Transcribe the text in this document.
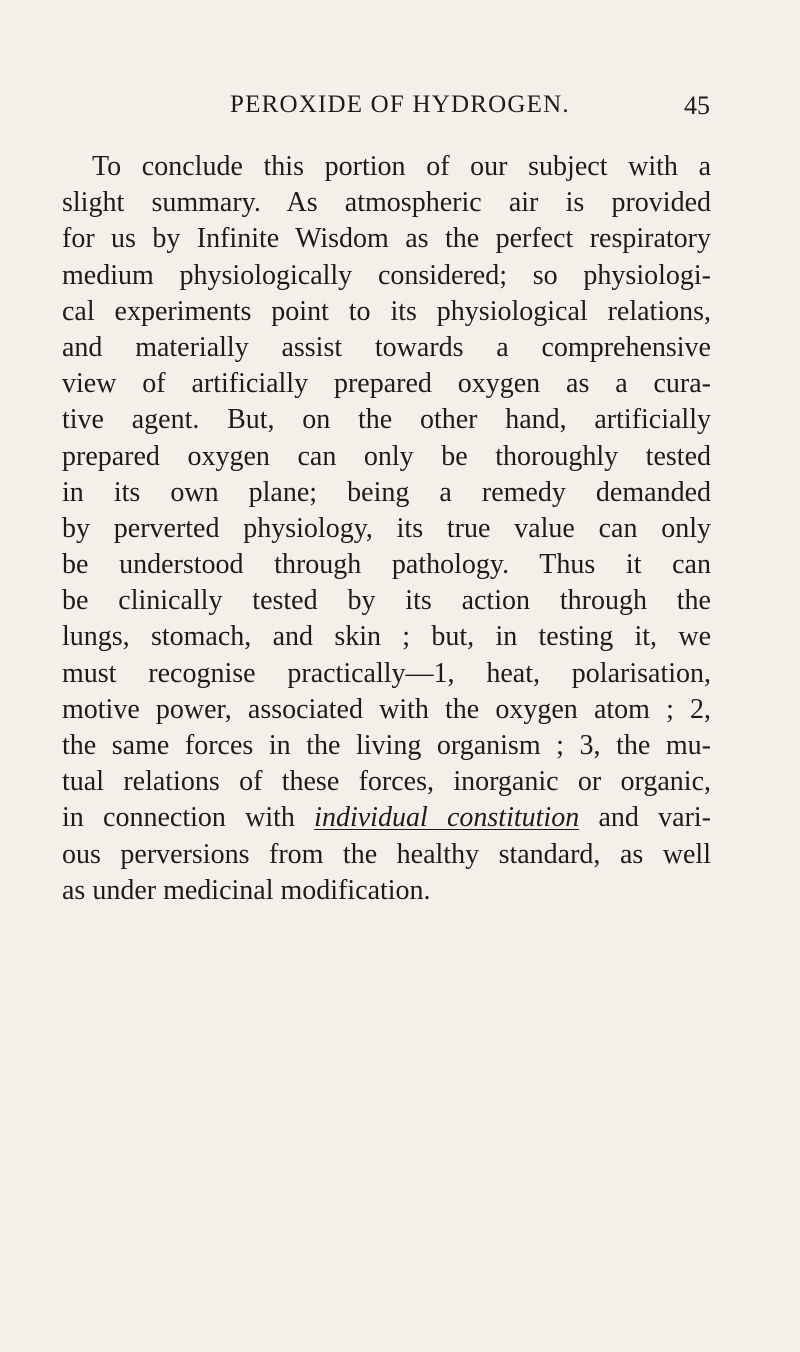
PEROXIDE OF HYDROGEN.	45
To conclude this portion of our subject with a
slight summary. As atmospheric air is provided
for us by Infinite Wisdom as the perfect respiratory
medium physiologically considered; so physiologi-
cal experiments point to its physiological relations,
and materially assist towards a comprehensive
view of artificially prepared oxygen as a cura-
tive agent. But, on the other hand, artificially
prepared oxygen can only be thoroughly tested
in its own plane; being a remedy demanded
by perverted physiology, its true value can only
be understood through pathology. Thus it can
be clinically tested by its action through the
lungs, stomach, and skin ; but, in testing it, we
must recognise practically—1, heat, polarisation,
motive power, associated with the oxygen atom ; 2,
the same forces in the living organism ; 3, the mu-
tual relations of these forces, inorganic or organic,
in connection with individual constitution and vari-
ous perversions from the healthy standard, as well
as under medicinal modification.
